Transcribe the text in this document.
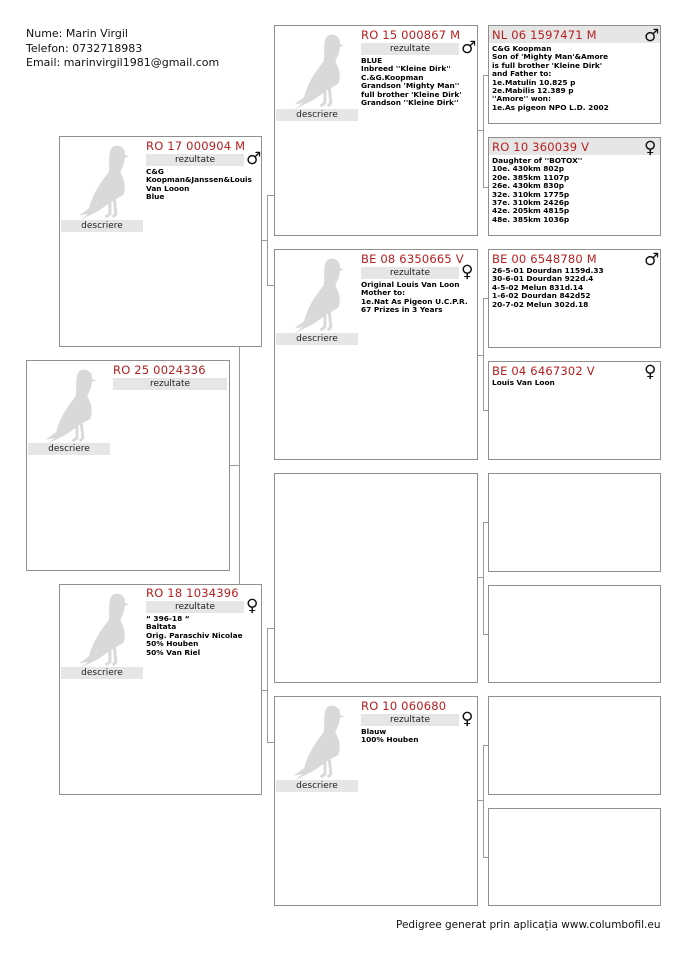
Nume: Marin Virgil
Telefon: 0732718983
Email: marinvirgil1981@gmail.com
RO 25 0024336
rezultate
descriere
RO 17 000904 M
rezultate	♂
C&G
Koopman&Janssen&Louis
Van Looon
Blue
descriere
RO 18 1034396
rezultate	♀
“ 396-18 “
Baltata
Orig. Paraschiv Nicolae
50% Houben
50% Van Riel
descriere
RO 15 000867 M
rezultate	♂
BLUE
Inbreed ''Kleine Dirk''
C.&G.Koopman
Grandson 'Mighty Man''
full brother 'Kleine Dirk'
Grandson ''Kleine Dirk''
descriere
BE 08 6350665 V
rezultate	♀
Original Louis Van Loon
Mother to:
1e.Nat As Pigeon U.C.P.R.
67 Prizes in 3 Years
descriere
RO 10 060680
rezultate	♀
Blauw
100% Houben
descriere
NL 06 1597471 M	♂
C&G Koopman
Son of 'Mighty Man'&Amore
is full brother 'Kleine Dirk'
and Father to:
1e.Matulin 10.825 p
2e.Mabilis 12.389 p
''Amore'' won:
1e.As pigeon NPO L.D. 2002
RO 10 360039 V	♀
Daughter of ''BOTOX''
10e. 430km 802p
20e. 385km 1107p
26e. 430km 830p
32e. 310km 1775p
37e. 310km 2426p
42e. 205km 4815p
48e. 385km 1036p
BE 00 6548780 M	♂
26-5-01 Dourdan 1159d.33
30-6-01 Dourdan 922d.4
4-5-02 Melun 831d.14
1-6-02 Dourdan 842d52
20-7-02 Melun 302d.18
BE 04 6467302 V	♀
Louis Van Loon
Pedigree generat prin aplicația www.columbofil.eu
